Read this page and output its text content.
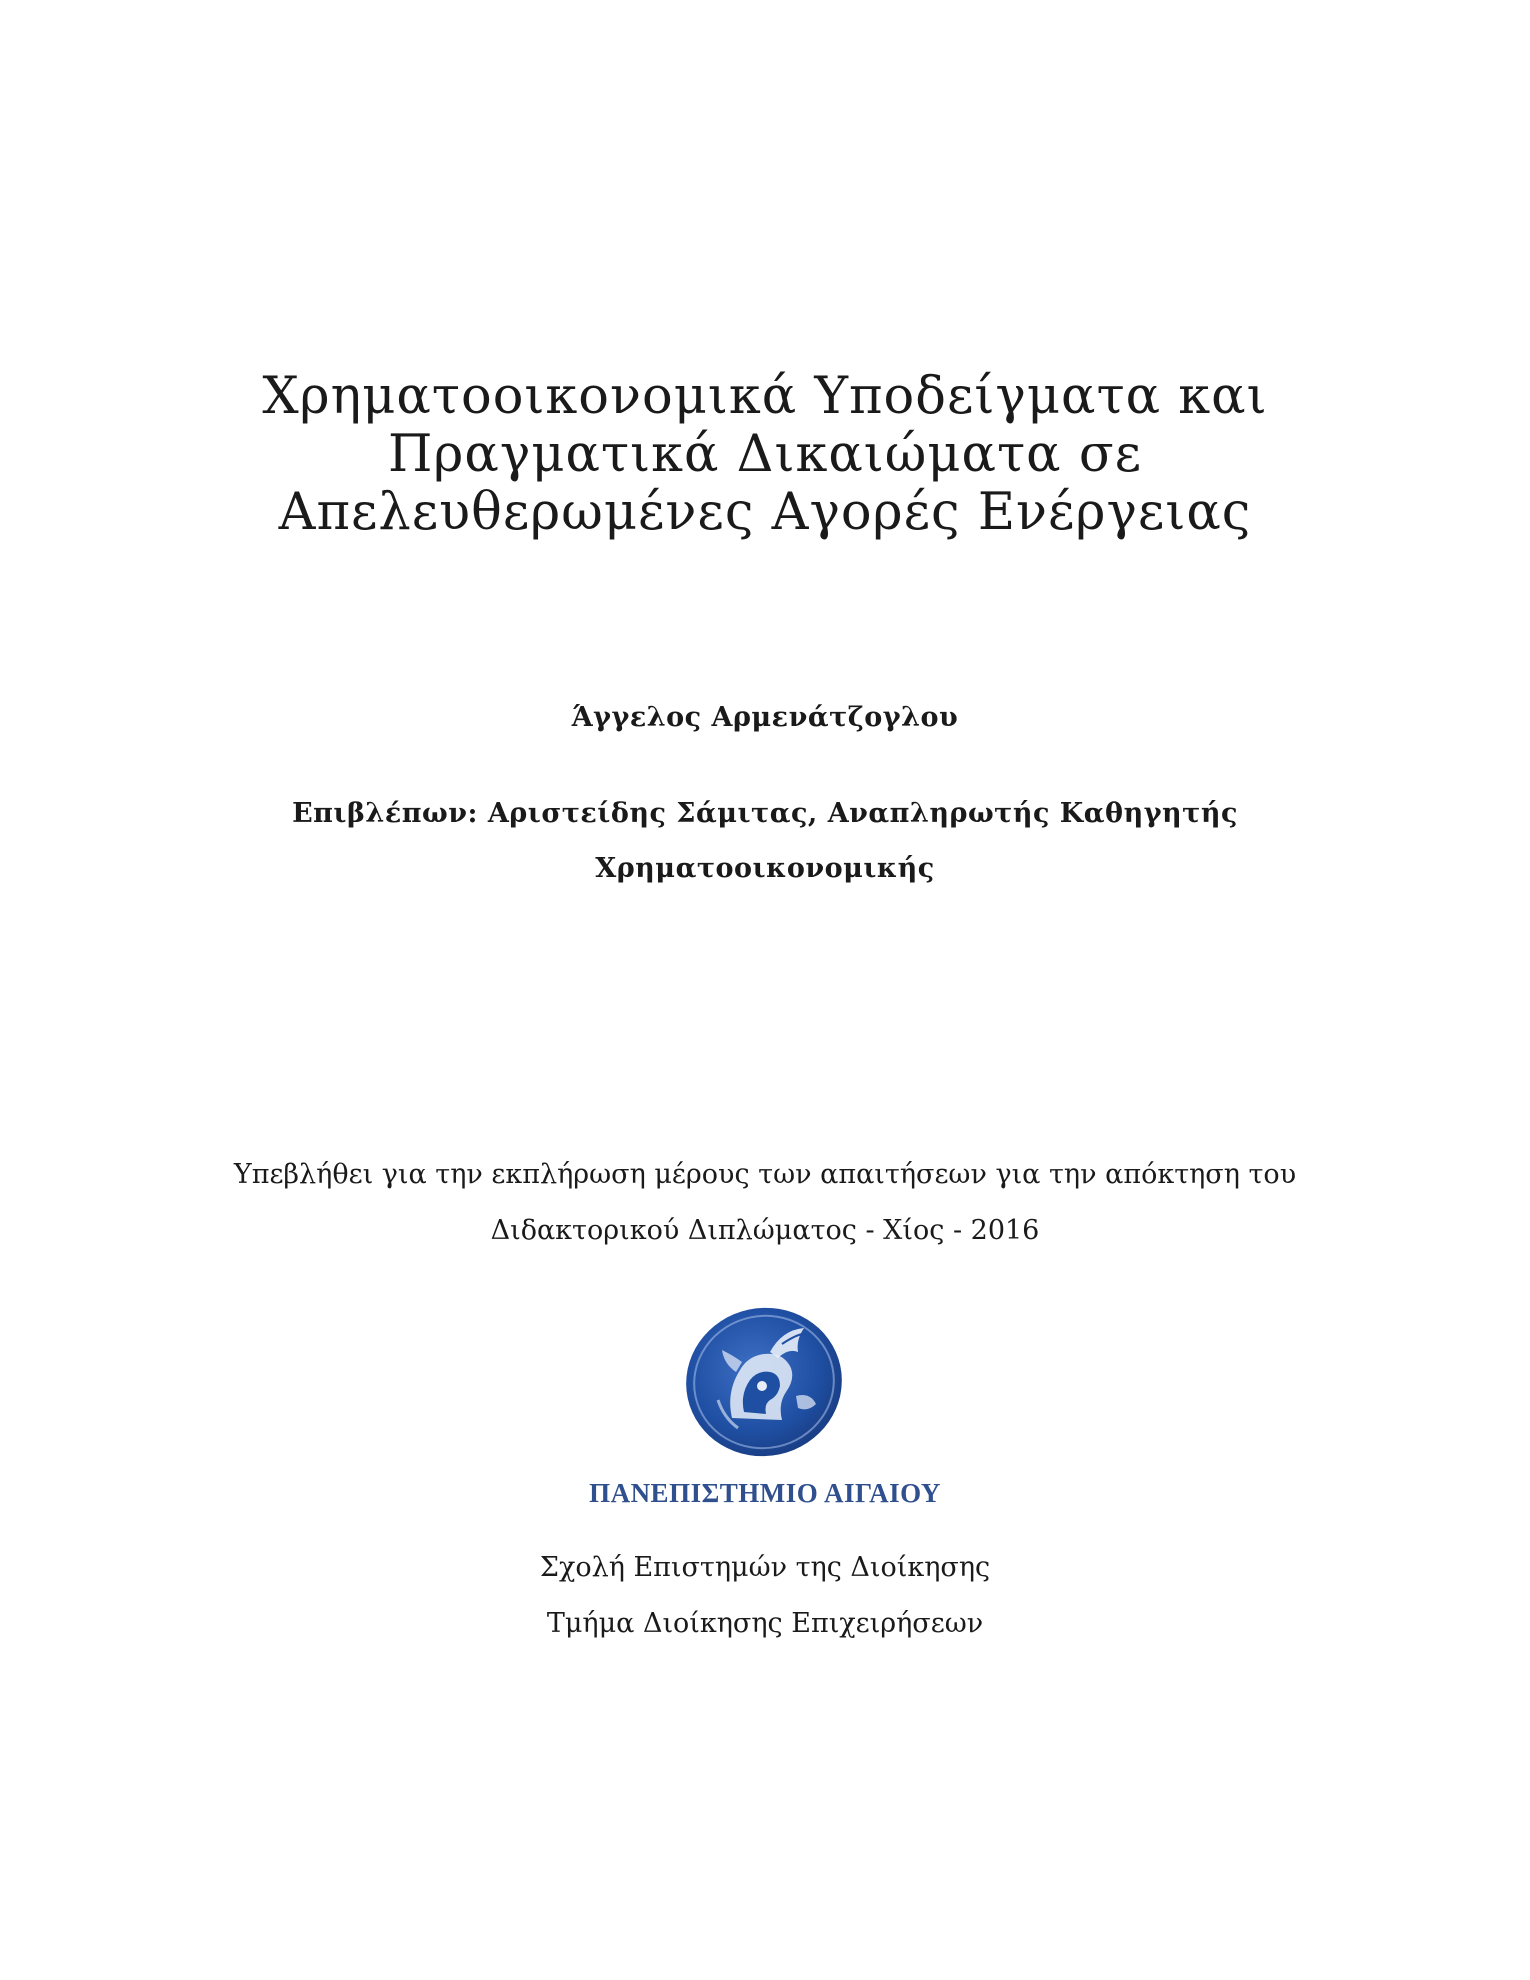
Χρηματοοικονομικά Υποδείγματα και
Πραγματικά Δικαιώματα σε
Απελευθερωμένες Αγορές Ενέργειας
Άγγελος Αρμενάτζογλου
Επιβλέπων: Αριστείδης Σάμιτας, Αναπληρωτής Καθηγητής
Χρηματοοικονομικής
Υπεβλήθει για την εκπλήρωση μέρους των απαιτήσεων για την απόκτηση του
Διδακτορικού Διπλώματος - Χίος - 2016
ΠΑΝΕΠΙΣΤΗΜΙΟ ΑΙΓΑΙΟΥ
Σχολή Επιστημών της Διοίκησης
Τμήμα Διοίκησης Επιχειρήσεων
